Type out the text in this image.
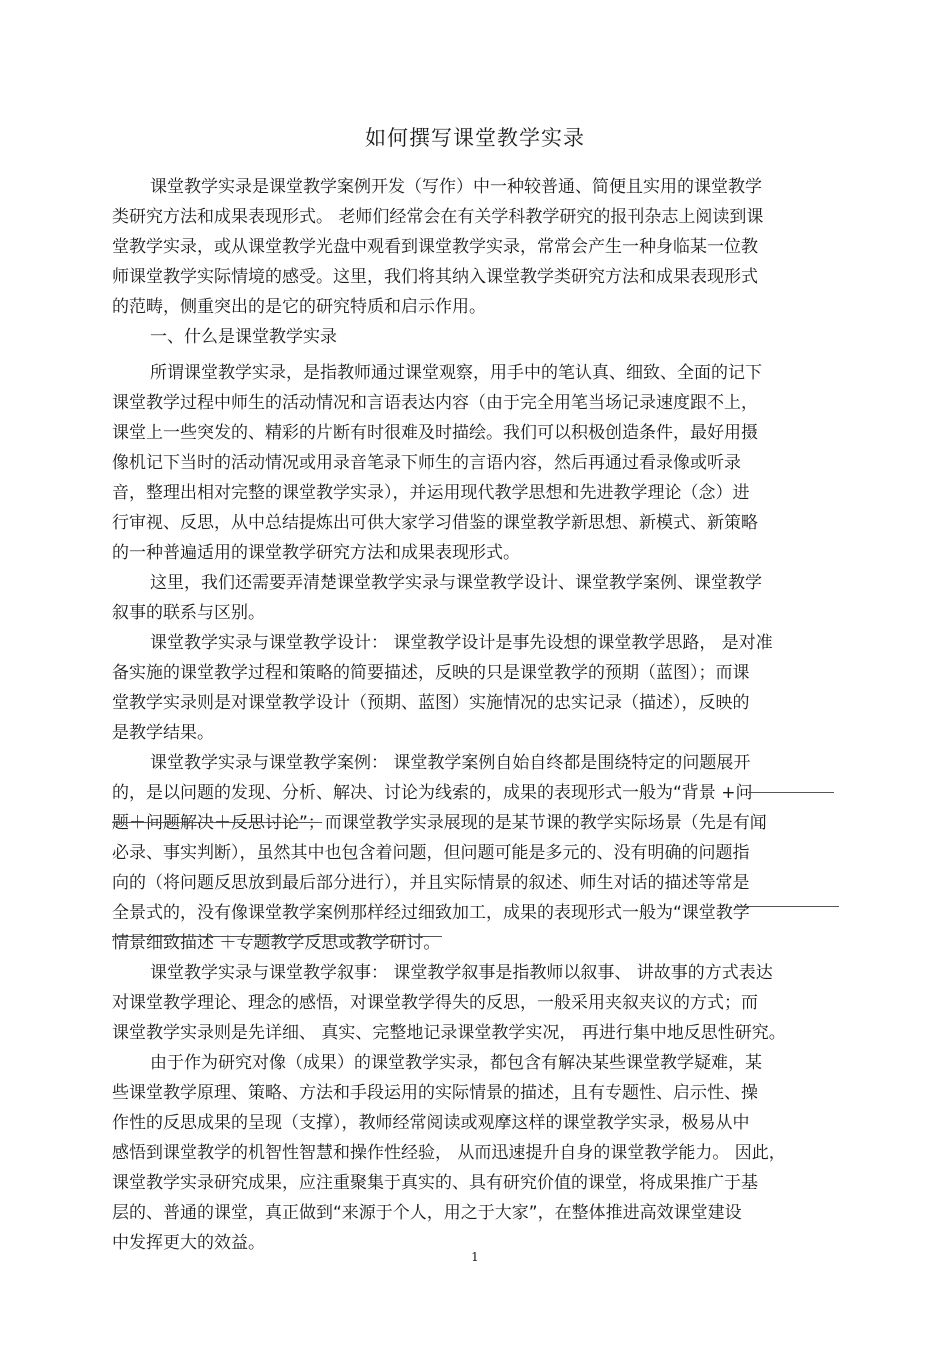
如何撰写课堂教学实录
课堂教学实录是课堂教学案例开发（写作）中一种较普通、简便且实用的课堂教学
类研究方法和成果表现形式。 老师们经常会在有关学科教学研究的报刊杂志上阅读到课
堂教学实录，或从课堂教学光盘中观看到课堂教学实录，常常会产生一种身临某一位教
师课堂教学实际情境的感受。这里，我们将其纳入课堂教学类研究方法和成果表现形式
的范畴，侧重突出的是它的研究特质和启示作用。
一、什么是课堂教学实录
所谓课堂教学实录，是指教师通过课堂观察，用手中的笔认真、细致、全面的记下
课堂教学过程中师生的活动情况和言语表达内容（由于完全用笔当场记录速度跟不上，
课堂上一些突发的、精彩的片断有时很难及时描绘。我们可以积极创造条件，最好用摄
像机记下当时的活动情况或用录音笔录下师生的言语内容，然后再通过看录像或听录
音，整理出相对完整的课堂教学实录），并运用现代教学思想和先进教学理论（念）进
行审视、反思，从中总结提炼出可供大家学习借鉴的课堂教学新思想、新模式、新策略
的一种普遍适用的课堂教学研究方法和成果表现形式。
这里，我们还需要弄清楚课堂教学实录与课堂教学设计、课堂教学案例、课堂教学
叙事的联系与区别。
课堂教学实录与课堂教学设计： 课堂教学设计是事先设想的课堂教学思路， 是对准
备实施的课堂教学过程和策略的简要描述，反映的只是课堂教学的预期（蓝图）；而课
堂教学实录则是对课堂教学设计（预期、蓝图）实施情况的忠实记录（描述），反映的
是教学结果。
课堂教学实录与课堂教学案例： 课堂教学案例自始自终都是围绕特定的问题展开
的，是以问题的发现、分析、解决、讨论为线索的，成果的表现形式一般为“背景 +问
题＋问题解决＋反思讨论”；而课堂教学实录展现的是某节课的教学实际场景（先是有闻
必录、事实判断），虽然其中也包含着问题，但问题可能是多元的、没有明确的问题指
向的（将问题反思放到最后部分进行），并且实际情景的叙述、师生对话的描述等常是
全景式的，没有像课堂教学案例那样经过细致加工，成果的表现形式一般为“课堂教学
情景细致描述 ＋专题教学反思或教学研讨。
课堂教学实录与课堂教学叙事： 课堂教学叙事是指教师以叙事、 讲故事的方式表达
对课堂教学理论、理念的感悟，对课堂教学得失的反思，一般采用夹叙夹议的方式；而
课堂教学实录则是先详细、 真实、完整地记录课堂教学实况， 再进行集中地反思性研究。
由于作为研究对像（成果）的课堂教学实录，都包含有解决某些课堂教学疑难，某
些课堂教学原理、策略、方法和手段运用的实际情景的描述，且有专题性、启示性、操
作性的反思成果的呈现（支撑），教师经常阅读或观摩这样的课堂教学实录，极易从中
感悟到课堂教学的机智性智慧和操作性经验， 从而迅速提升自身的课堂教学能力。 因此，
课堂教学实录研究成果，应注重聚集于真实的、具有研究价值的课堂，将成果推广于基
层的、普通的课堂，真正做到“来源于个人，用之于大家”，在整体推进高效课堂建设
中发挥更大的效益。
1
